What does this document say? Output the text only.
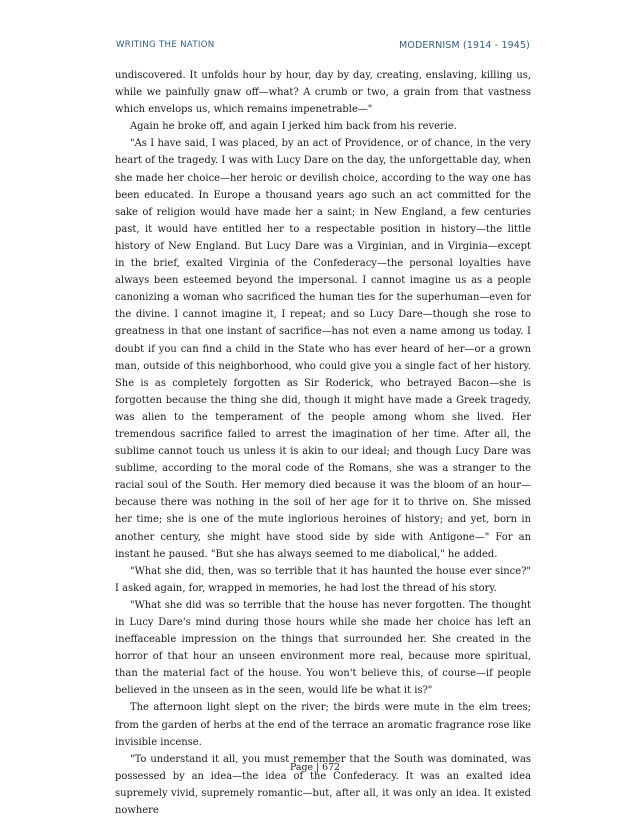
WRITING THE NATION	MODERNISM (1914 - 1945)

undiscovered. It unfolds hour by hour, day by day, creating, enslaving, killing us, while we painfully gnaw off—what? A crumb or two, a grain from that vastness which envelops us, which remains impenetrable—"

Again he broke off, and again I jerked him back from his reverie.

"As I have said, I was placed, by an act of Providence, or of chance, in the very heart of the tragedy. I was with Lucy Dare on the day, the unforgettable day, when she made her choice—her heroic or devilish choice, according to the way one has been educated. In Europe a thousand years ago such an act committed for the sake of religion would have made her a saint; in New England, a few centuries past, it would have entitled her to a respectable position in history—the little history of New England. But Lucy Dare was a Virginian, and in Virginia—except in the brief, exalted Virginia of the Confederacy—the personal loyalties have always been esteemed beyond the impersonal. I cannot imagine us as a people canonizing a woman who sacrificed the human ties for the superhuman—even for the divine. I cannot imagine it, I repeat; and so Lucy Dare—though she rose to greatness in that one instant of sacrifice—has not even a name among us today. I doubt if you can find a child in the State who has ever heard of her—or a grown man, outside of this neighborhood, who could give you a single fact of her history. She is as completely forgotten as Sir Roderick, who betrayed Bacon—she is forgotten because the thing she did, though it might have made a Greek tragedy, was alien to the temperament of the people among whom she lived. Her tremendous sacrifice failed to arrest the imagination of her time. After all, the sublime cannot touch us unless it is akin to our ideal; and though Lucy Dare was sublime, according to the moral code of the Romans, she was a stranger to the racial soul of the South. Her memory died because it was the bloom of an hour—because there was nothing in the soil of her age for it to thrive on. She missed her time; she is one of the mute inglorious heroines of history; and yet, born in another century, she might have stood side by side with Antigone—" For an instant he paused. "But she has always seemed to me diabolical," he added.

"What she did, then, was so terrible that it has haunted the house ever since?" I asked again, for, wrapped in memories, he had lost the thread of his story.

"What she did was so terrible that the house has never forgotten. The thought in Lucy Dare's mind during those hours while she made her choice has left an ineffaceable impression on the things that surrounded her. She created in the horror of that hour an unseen environment more real, because more spiritual, than the material fact of the house. You won't believe this, of course—if people believed in the unseen as in the seen, would life be what it is?"

The afternoon light slept on the river; the birds were mute in the elm trees; from the garden of herbs at the end of the terrace an aromatic fragrance rose like invisible incense.

"To understand it all, you must remember that the South was dominated, was possessed by an idea—the idea of the Confederacy. It was an exalted idea supremely vivid, supremely romantic—but, after all, it was only an idea. It existed nowhere

Page | 672
